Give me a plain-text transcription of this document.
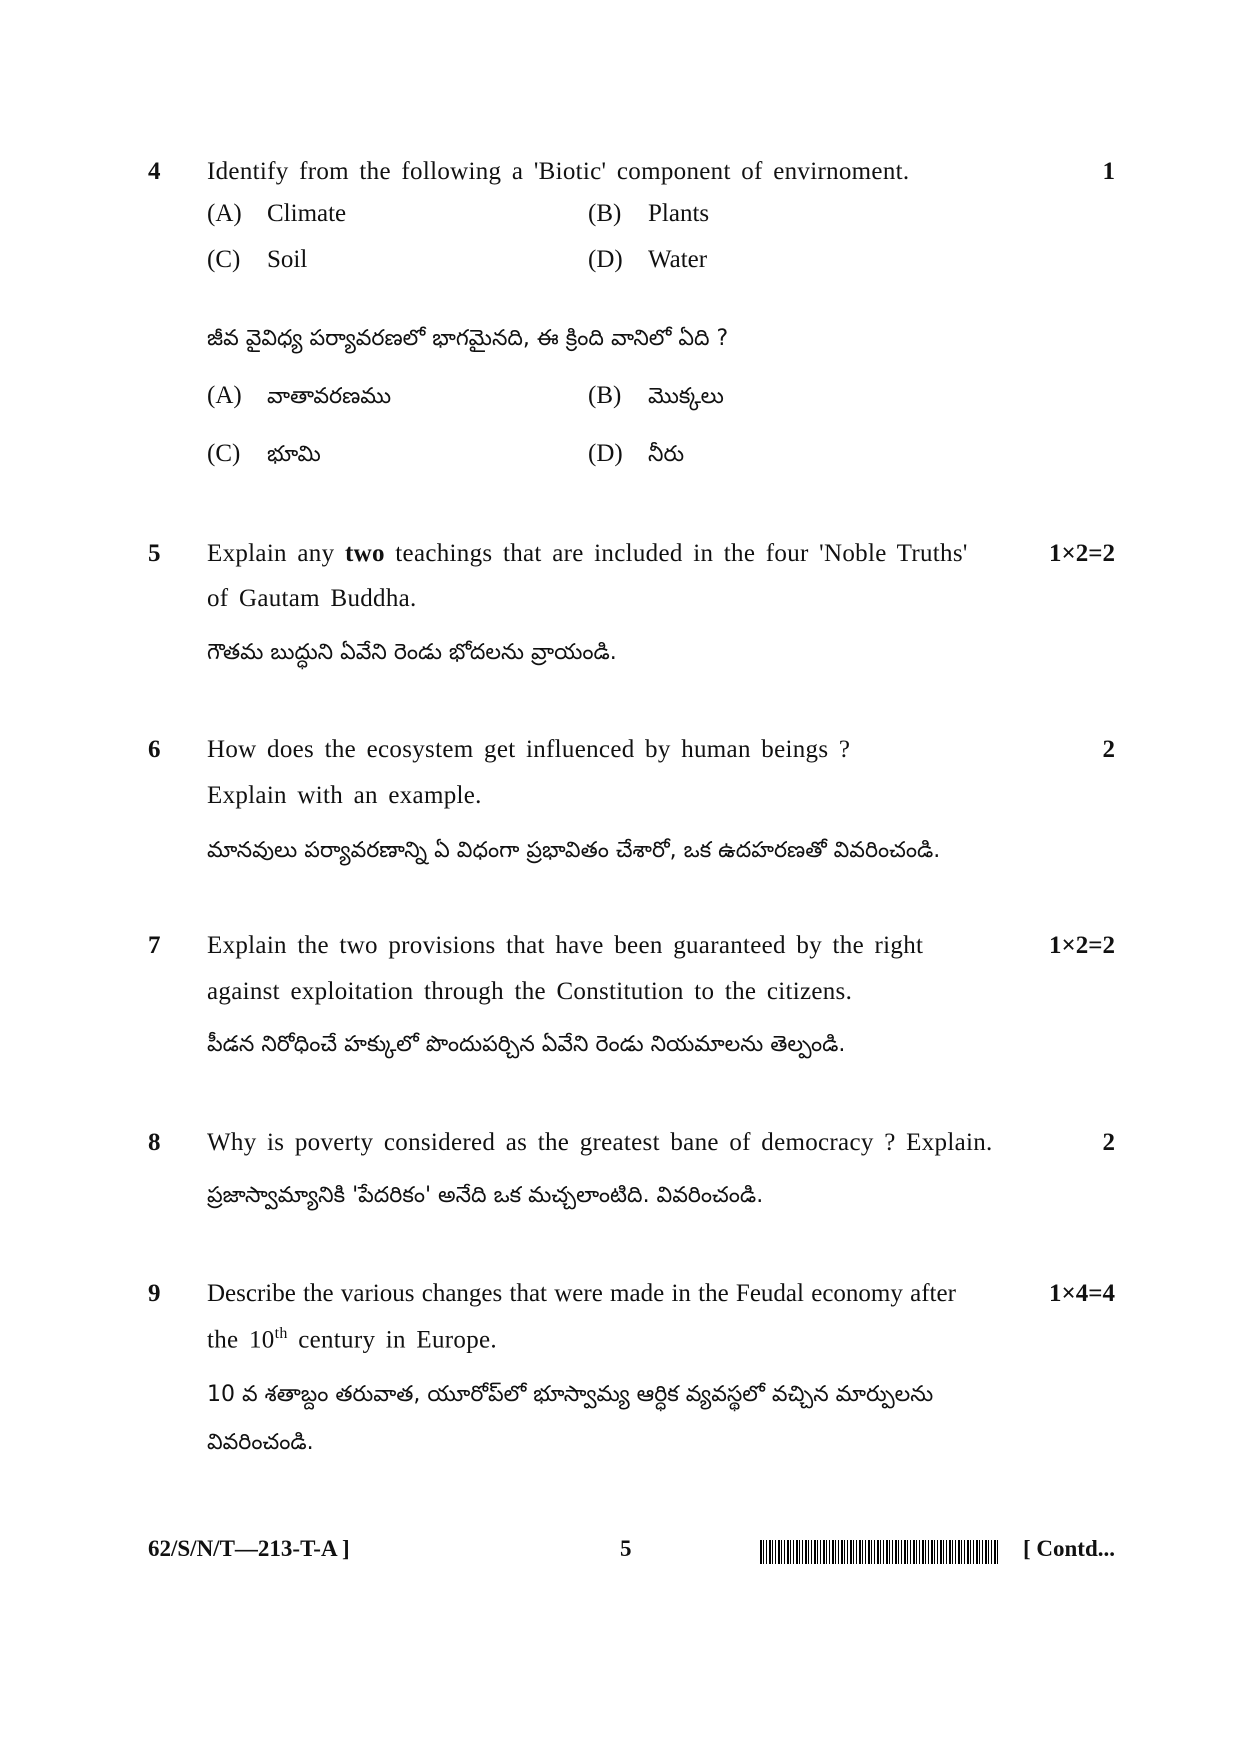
4 Identify from the following a 'Biotic' component of envirnoment.	1
(A) Climate	(B) Plants
(C) Soil	(D) Water
జీవ వైవిధ్య పర్యావరణలో భాగమైనది, ఈ క్రింది వానిలో ఏది ?
(A) వాతావరణము	(B) మొక్కలు
(C) భూమి	(D) నీరు
5 Explain any two teachings that are included in the four 'Noble Truths'	1×2=2
of Gautam Buddha.
గౌతమ బుద్ధుని ఏవేని రెండు భోదలను వ్రాయండి.
6 How does the ecosystem get influenced by human beings ?	2
Explain with an example.
మానవులు పర్యావరణాన్ని ఏ విధంగా ప్రభావితం చేశారో, ఒక ఉదహరణతో వివరించండి.
7 Explain the two provisions that have been guaranteed by the right	1×2=2
against exploitation through the Constitution to the citizens.
పీడన నిరోధించే హక్కులో పొందుపర్చిన ఏవేని రెండు నియమాలను తెల్పండి.
8 Why is poverty considered as the greatest bane of democracy ? Explain.	2
ప్రజాస్వామ్యానికి 'పేదరికం' అనేది ఒక మచ్చలాంటిది. వివరించండి.
9 Describe the various changes that were made in the Feudal economy after	1×4=4
the 10th century in Europe.
10 వ శతాబ్దం తరువాత, యూరోప్‌లో భూస్వామ్య ఆర్ధిక వ్యవస్థలో వచ్చిన మార్పులను
వివరించండి.
62/S/N/T—213-T-A ]	5	[ Contd...
